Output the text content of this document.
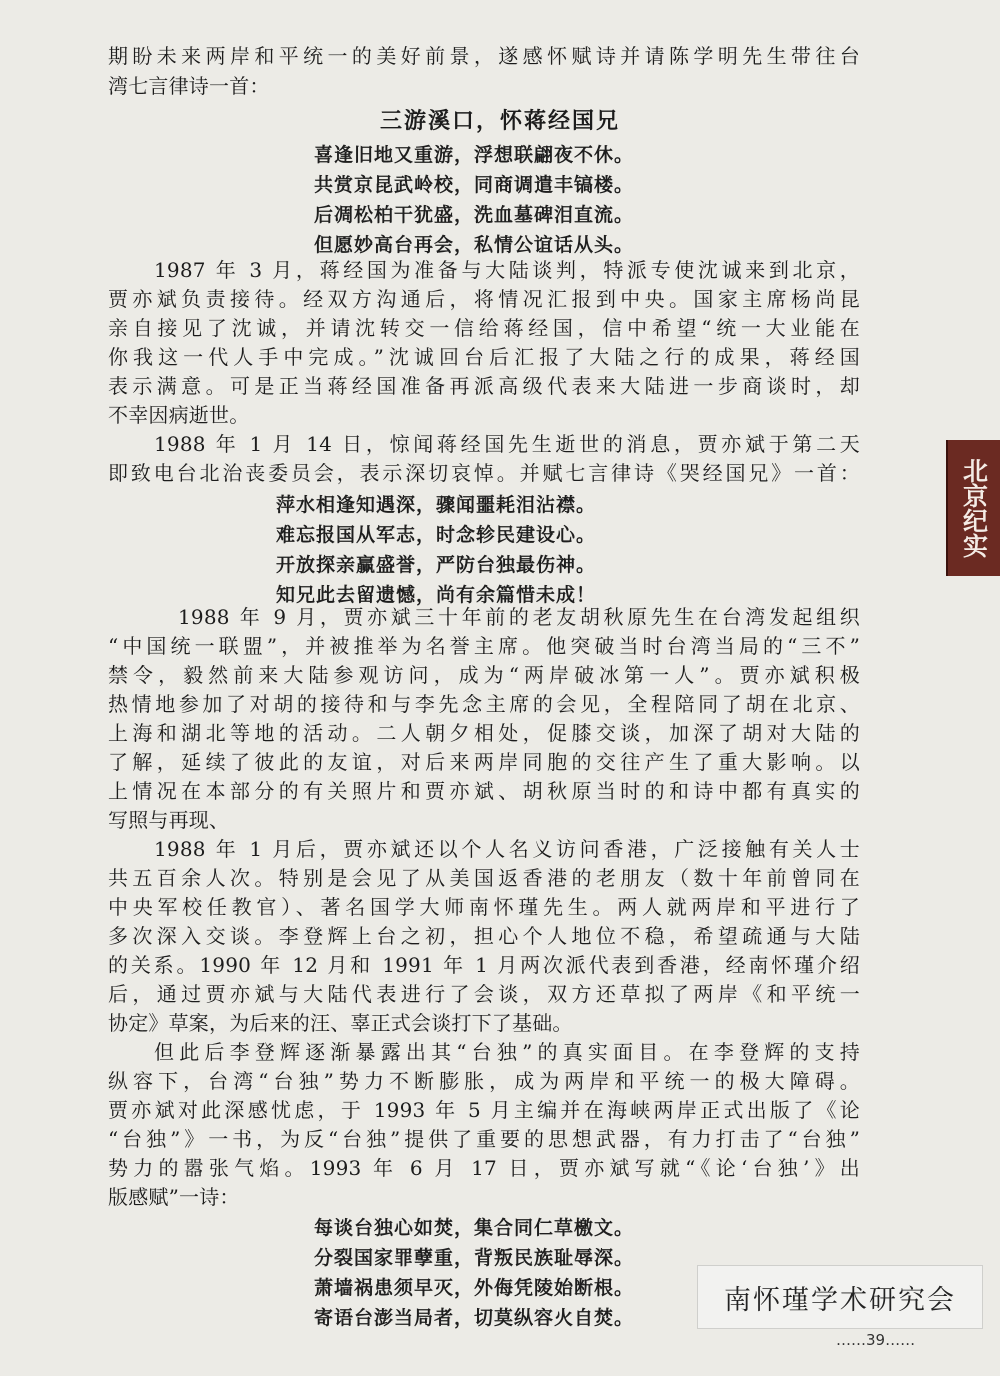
期盼未来两岸和平统一的美好前景，遂感怀赋诗并请陈学明先生带往台
湾七言律诗一首：
三游溪口，怀蒋经国兄
喜逢旧地又重游，浮想联翩夜不休。
共赏京昆武岭校，同商调遣丰镐楼。
后凋松柏干犹盛，洗血墓碑泪直流。
但愿妙高台再会，私情公谊话从头。
1987 年 3 月，蒋经国为准备与大陆谈判，特派专使沈诚来到北京，
贾亦斌负责接待。经双方沟通后，将情况汇报到中央。国家主席杨尚昆
亲自接见了沈诚，并请沈转交一信给蒋经国，信中希望“统一大业能在
你我这一代人手中完成。”沈诚回台后汇报了大陆之行的成果，蒋经国
表示满意。可是正当蒋经国准备再派高级代表来大陆进一步商谈时，却
不幸因病逝世。
1988 年 1 月 14 日，惊闻蒋经国先生逝世的消息，贾亦斌于第二天
即致电台北治丧委员会，表示深切哀悼。并赋七言律诗《哭经国兄》一首：
萍水相逢知遇深，骤闻噩耗泪沾襟。
难忘报国从军志，时念轸民建设心。
开放探亲赢盛誉，严防台独最伤神。
知兄此去留遗憾，尚有余篇惜未成！
1988 年 9 月，贾亦斌三十年前的老友胡秋原先生在台湾发起组织
“中国统一联盟”，并被推举为名誉主席。他突破当时台湾当局的“三不”
禁令，毅然前来大陆参观访问，成为“两岸破冰第一人”。贾亦斌积极
热情地参加了对胡的接待和与李先念主席的会见，全程陪同了胡在北京、
上海和湖北等地的活动。二人朝夕相处，促膝交谈，加深了胡对大陆的
了解，延续了彼此的友谊，对后来两岸同胞的交往产生了重大影响。以
上情况在本部分的有关照片和贾亦斌、胡秋原当时的和诗中都有真实的
写照与再现、
1988 年 1 月后，贾亦斌还以个人名义访问香港，广泛接触有关人士
共五百余人次。特别是会见了从美国返香港的老朋友（数十年前曾同在
中央军校任教官）、著名国学大师南怀瑾先生。两人就两岸和平进行了
多次深入交谈。李登辉上台之初，担心个人地位不稳，希望疏通与大陆
的关系。1990 年 12 月和 1991 年 1 月两次派代表到香港，经南怀瑾介绍
后，通过贾亦斌与大陆代表进行了会谈，双方还草拟了两岸《和平统一
协定》草案，为后来的汪、辜正式会谈打下了基础。
但此后李登辉逐渐暴露出其“台独”的真实面目。在李登辉的支持
纵容下，台湾“台独”势力不断膨胀，成为两岸和平统一的极大障碍。
贾亦斌对此深感忧虑，于 1993 年 5 月主编并在海峡两岸正式出版了《论
“台独”》一书，为反“台独”提供了重要的思想武器，有力打击了“台独”
势力的嚣张气焰。1993 年 6 月 17 日，贾亦斌写就“《论‘台独’》出
版感赋”一诗：
每谈台独心如焚，集合同仁草檄文。
分裂国家罪孽重，背叛民族耻辱深。
萧墙祸患须早灭，外侮凭陵始断根。
寄语台澎当局者，切莫纵容火自焚。
北京纪实
南怀瑾学术研究会
……39……
